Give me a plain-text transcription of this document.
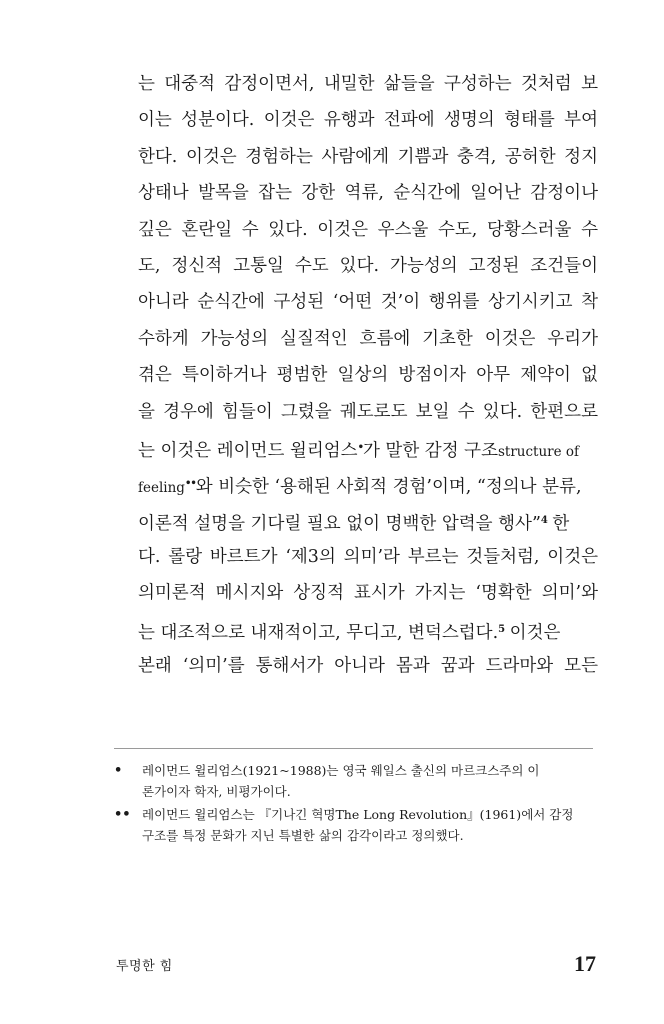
는 대중적 감정이면서, 내밀한 삶들을 구성하는 것처럼 보
이는 성분이다. 이것은 유행과 전파에 생명의 형태를 부여
한다. 이것은 경험하는 사람에게 기쁨과 충격, 공허한 정지
상태나 발목을 잡는 강한 역류, 순식간에 일어난 감정이나
깊은 혼란일 수 있다. 이것은 우스울 수도, 당황스러울 수
도, 정신적 고통일 수도 있다. 가능성의 고정된 조건들이
아니라 순식간에 구성된 ‘어떤 것’이 행위를 상기시키고 착
수하게 가능성의 실질적인 흐름에 기초한 이것은 우리가
겪은 특이하거나 평범한 일상의 방점이자 아무 제약이 없
을 경우에 힘들이 그렸을 궤도로도 보일 수 있다. 한편으로
는 이것은 레이먼드 윌리엄스•가 말한 감정 구조structure of
feeling••와 비슷한 ‘용해된 사회적 경험’이며, “정의나 분류,
이론적 설명을 기다릴 필요 없이 명백한 압력을 행사”$^4$ 한
다. 롤랑 바르트가 ‘제3의 의미’라 부르는 것들처럼, 이것은
의미론적 메시지와 상징적 표시가 가지는 ‘명확한 의미’와
는 대조적으로 내재적이고, 무디고, 변덕스럽다.$^5$ 이것은
본래 ‘의미’를 통해서가 아니라 몸과 꿈과 드라마와 모든
• 레이먼드 윌리엄스(1921~1988)는 영국 웨일스 출신의 마르크스주의 이
론가이자 학자, 비평가이다.
•• 레이먼드 윌리엄스는 『기나긴 혁명The Long Revolution』(1961)에서 감정
구조를 특정 문화가 지닌 특별한 삶의 감각이라고 정의했다.
투명한 힘	17
